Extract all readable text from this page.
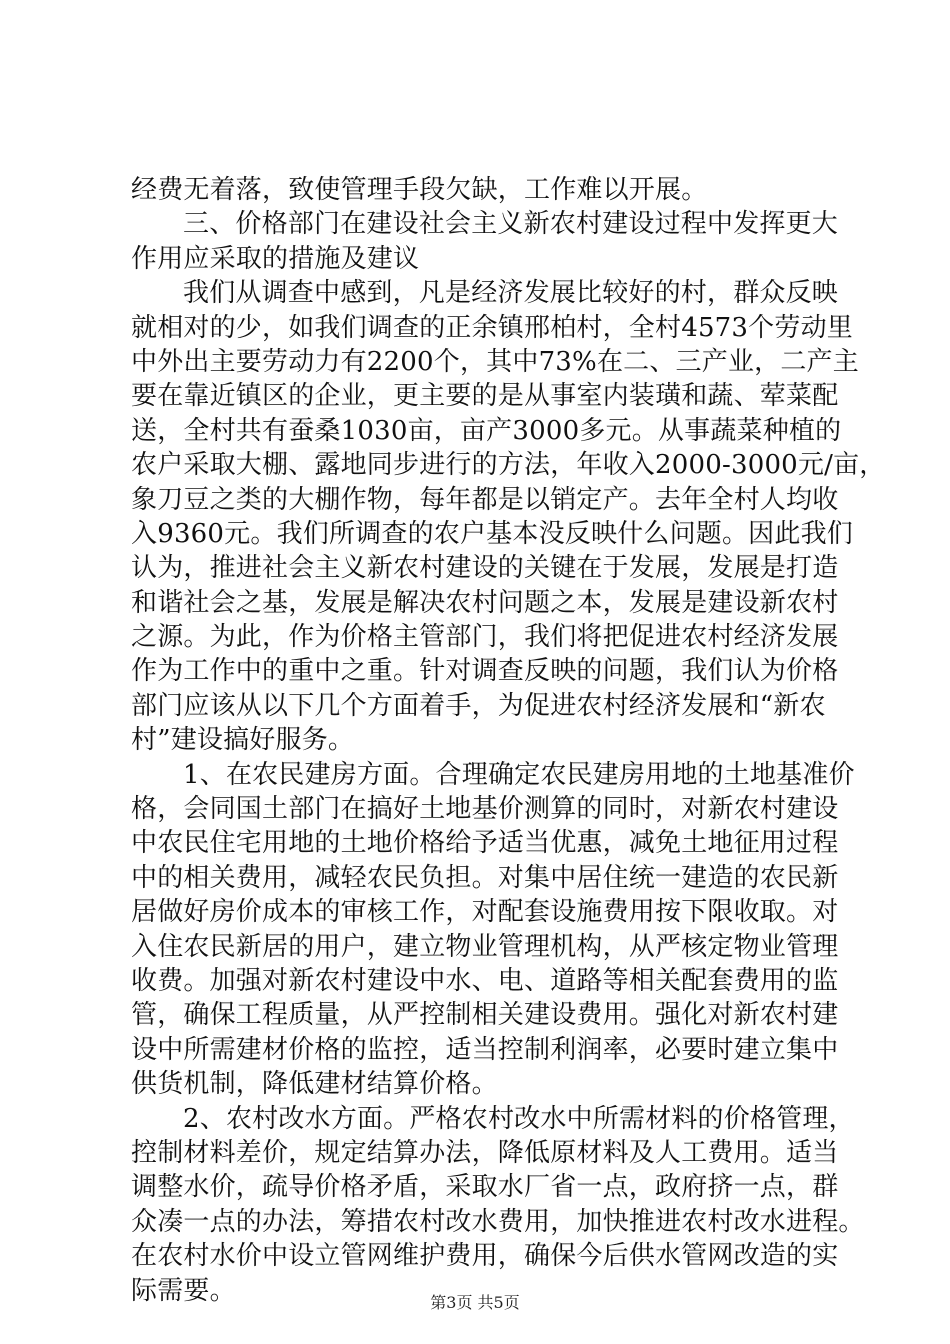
经费无着落，致使管理手段欠缺，工作难以开展。
三、价格部门在建设社会主义新农村建设过程中发挥更大
作用应采取的措施及建议
我们从调查中感到，凡是经济发展比较好的村，群众反映
就相对的少，如我们调查的正余镇邢柏村，全村4573个劳动里
中外出主要劳动力有2200个，其中73%在二、三产业，二产主
要在靠近镇区的企业，更主要的是从事室内装璜和蔬、荤菜配
送，全村共有蚕桑1030亩，亩产3000多元。从事蔬菜种植的
农户采取大棚、露地同步进行的方法，年收入2000-3000元/亩，
象刀豆之类的大棚作物，每年都是以销定产。去年全村人均收
入9360元。我们所调查的农户基本没反映什么问题。因此我们
认为，推进社会主义新农村建设的关键在于发展，发展是打造
和谐社会之基，发展是解决农村问题之本，发展是建设新农村
之源。为此，作为价格主管部门，我们将把促进农村经济发展
作为工作中的重中之重。针对调查反映的问题，我们认为价格
部门应该从以下几个方面着手，为促进农村经济发展和“新农
村”建设搞好服务。
1、在农民建房方面。合理确定农民建房用地的土地基准价
格，会同国土部门在搞好土地基价测算的同时，对新农村建设
中农民住宅用地的土地价格给予适当优惠，减免土地征用过程
中的相关费用，减轻农民负担。对集中居住统一建造的农民新
居做好房价成本的审核工作，对配套设施费用按下限收取。对
入住农民新居的用户，建立物业管理机构，从严核定物业管理
收费。加强对新农村建设中水、电、道路等相关配套费用的监
管，确保工程质量，从严控制相关建设费用。强化对新农村建
设中所需建材价格的监控，适当控制利润率，必要时建立集中
供货机制，降低建材结算价格。
2、农村改水方面。严格农村改水中所需材料的价格管理，
控制材料差价，规定结算办法，降低原材料及人工费用。适当
调整水价，疏导价格矛盾，采取水厂省一点，政府挤一点，群
众凑一点的办法，筹措农村改水费用，加快推进农村改水进程。
在农村水价中设立管网维护费用，确保今后供水管网改造的实
际需要。	第3页 共5页
